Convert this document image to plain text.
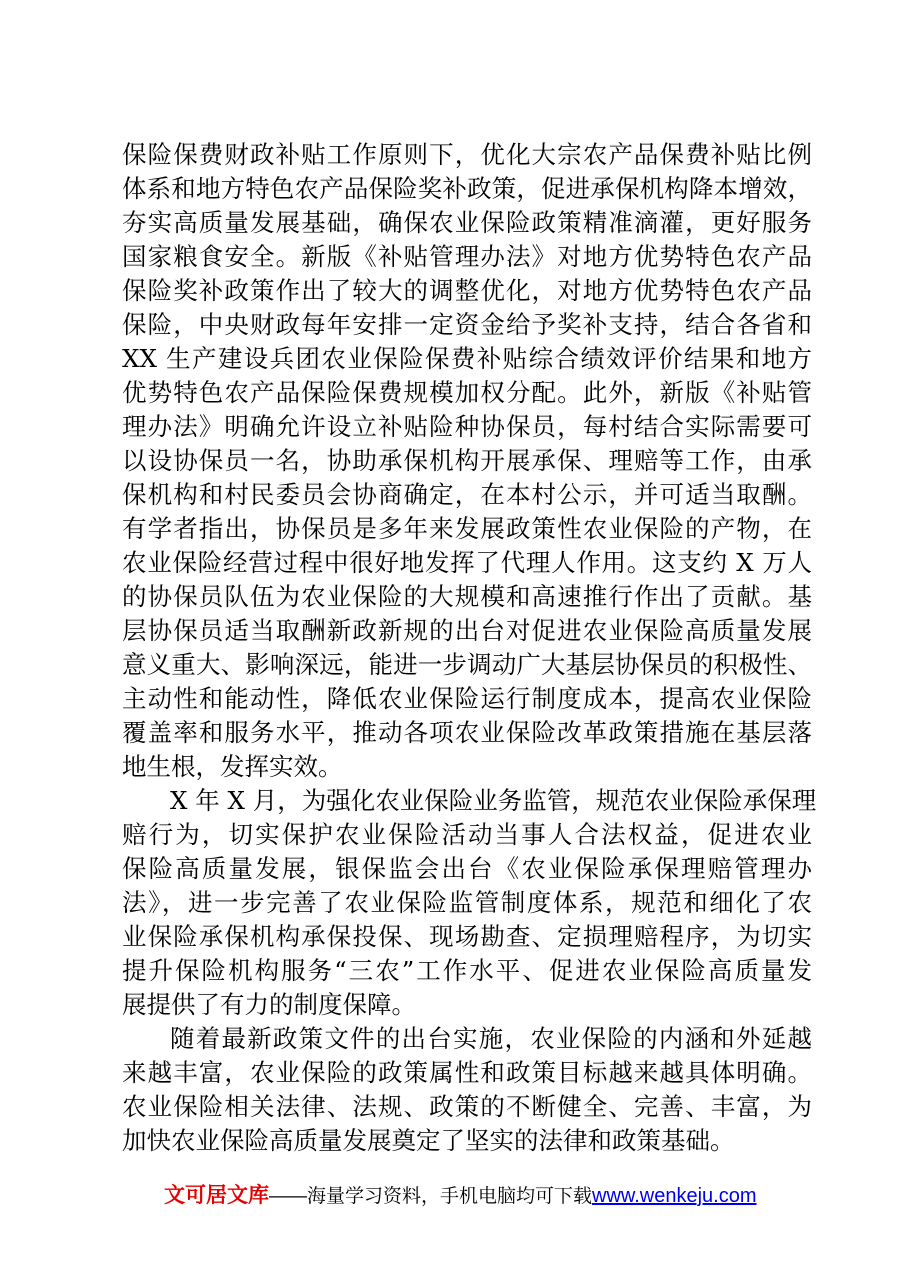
保险保费财政补贴工作原则下，优化大宗农产品保费补贴比例
体系和地方特色农产品保险奖补政策，促进承保机构降本增效，
夯实高质量发展基础，确保农业保险政策精准滴灌，更好服务
国家粮食安全。新版《补贴管理办法》对地方优势特色农产品
保险奖补政策作出了较大的调整优化，对地方优势特色农产品
保险，中央财政每年安排一定资金给予奖补支持，结合各省和
XX 生产建设兵团农业保险保费补贴综合绩效评价结果和地方
优势特色农产品保险保费规模加权分配。此外，新版《补贴管
理办法》明确允许设立补贴险种协保员，每村结合实际需要可
以设协保员一名，协助承保机构开展承保、理赔等工作，由承
保机构和村民委员会协商确定，在本村公示，并可适当取酬。
有学者指出，协保员是多年来发展政策性农业保险的产物，在
农业保险经营过程中很好地发挥了代理人作用。这支约 X 万人
的协保员队伍为农业保险的大规模和高速推行作出了贡献。基
层协保员适当取酬新政新规的出台对促进农业保险高质量发展
意义重大、影响深远，能进一步调动广大基层协保员的积极性、
主动性和能动性，降低农业保险运行制度成本，提高农业保险
覆盖率和服务水平，推动各项农业保险改革政策措施在基层落
地生根，发挥实效。
X 年 X 月，为强化农业保险业务监管，规范农业保险承保理
赔行为，切实保护农业保险活动当事人合法权益，促进农业
保险高质量发展，银保监会出台《农业保险承保理赔管理办
法》，进一步完善了农业保险监管制度体系，规范和细化了农
业保险承保机构承保投保、现场勘查、定损理赔程序，为切实
提升保险机构服务“三农”工作水平、促进农业保险高质量发
展提供了有力的制度保障。
随着最新政策文件的出台实施，农业保险的内涵和外延越
来越丰富，农业保险的政策属性和政策目标越来越具体明确。
农业保险相关法律、法规、政策的不断健全、完善、丰富，为
加快农业保险高质量发展奠定了坚实的法律和政策基础。
文可居文库——海量学习资料，手机电脑均可下载www.wenkeju.com
